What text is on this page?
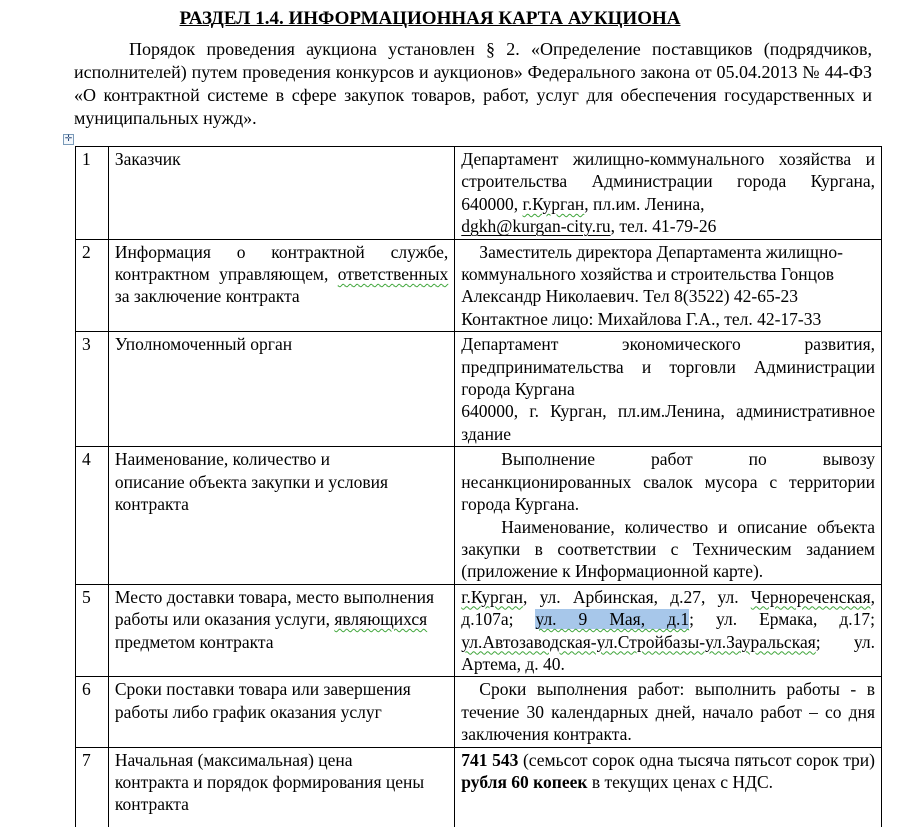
РАЗДЕЛ 1.4. ИНФОРМАЦИОННАЯ КАРТА АУКЦИОНА

Порядок проведения аукциона установлен § 2. «Определение поставщиков (подрядчиков, исполнителей) путем проведения конкурсов и аукционов» Федерального закона от 05.04.2013 № 44-ФЗ «О контрактной системе в сфере закупок товаров, работ, услуг для обеспечения государственных и муниципальных нужд».

✛
1	Заказчик	Департамент жилищно-коммунального хозяйства и строительства Администрации города Кургана, 640000, г.Курган, пл.им. Ленина,
dgkh@kurgan-city.ru, тел. 41-79-26
2	Информация о контрактной службе, контрактном управляющем, ответственных за заключение контракта	Заместитель директора Департамента жилищно-коммунального хозяйства и строительства Гонцов Александр Николаевич. Тел 8(3522) 42-65-23
Контактное лицо: Михайлова Г.А., тел. 42-17-33

3	Уполномоченный орган	Департамент экономического развития, предпринимательства и торговли Администрации города Кургана
640000, г. Курган, пл.им.Ленина, административное здание

4	Наименование, количество и описание объекта закупки и условия контракта	Выполнение работ по вывозу несанкционированных свалок мусора с территории города Кургана.
Наименование, количество и описание объекта закупки в соответствии с Техническим заданием (приложение к Информационной карте).

5	Место доставки товара, место выполнения работы или оказания услуги, являющихся предметом контракта	г.Курган, ул. Арбинская, д.27, ул. Чернореченская, д.107а; ул. 9 Мая, д.1; ул. Ермака, д.17; ул.Автозаводская-ул.Стройбазы-ул.Зауральская; ул. Артема, д. 40.
6	Сроки поставки товара или завершения работы либо график оказания услуг	Сроки выполнения работ: выполнить работы - в течение 30 календарных дней, начало работ – со дня заключения контракта.

7	Начальная (максимальная) цена контракта и порядок формирования цены контракта	741 543 (семьсот сорок одна тысяча пятьсот сорок три) рубля 60 копеек в текущих ценах с НДС.
